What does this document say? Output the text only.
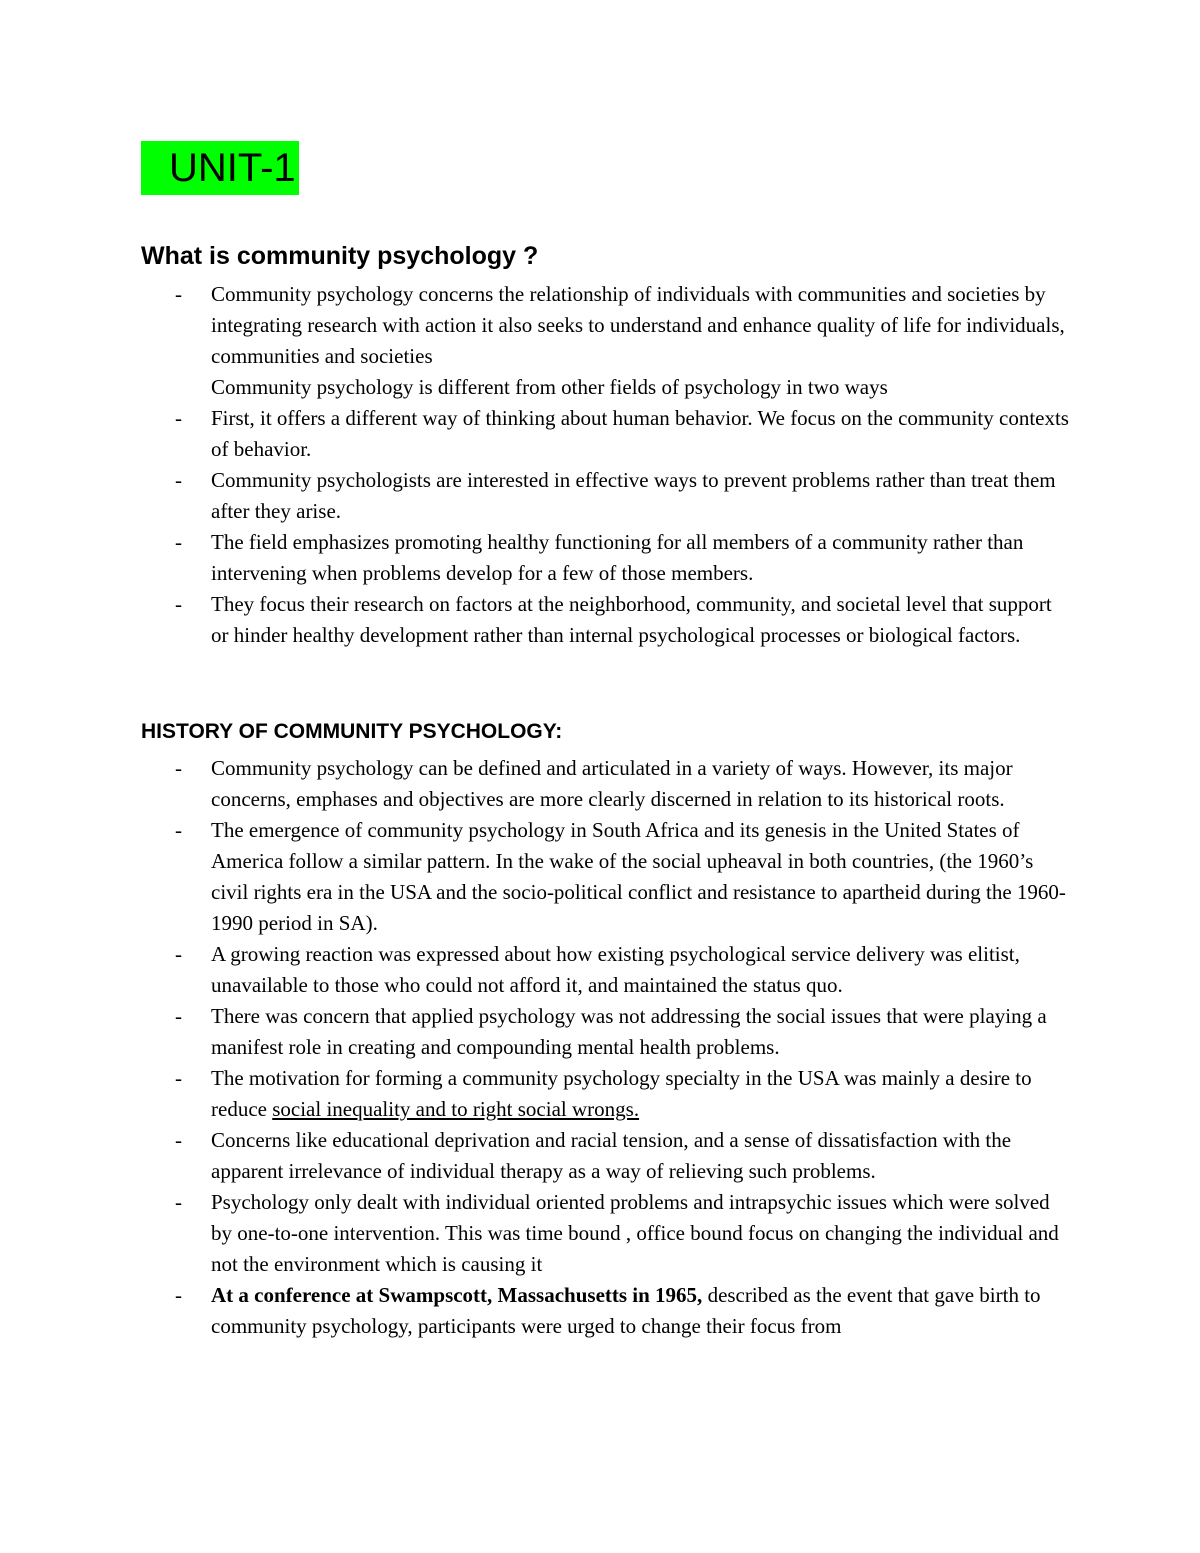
UNIT-1
What is community psychology ?
- Community psychology concerns the relationship of individuals with communities and societies by integrating research with action it also seeks to understand and enhance quality of life for individuals, communities and societies
Community psychology is different from other fields of psychology in two ways
- First, it offers a different way of thinking about human behavior. We focus on the community contexts of behavior.
- Community psychologists are interested in effective ways to prevent problems rather than treat them after they arise.
- The field emphasizes promoting healthy functioning for all members of a community rather than intervening when problems develop for a few of those members.
- They focus their research on factors at the neighborhood, community, and societal level that support or hinder healthy development rather than internal psychological processes or biological factors.
HISTORY OF COMMUNITY PSYCHOLOGY:
- Community psychology can be defined and articulated in a variety of ways. However, its major concerns, emphases and objectives are more clearly discerned in relation to its historical roots.
- The emergence of community psychology in South Africa and its genesis in the United States of America follow a similar pattern. In the wake of the social upheaval in both countries, (the 1960’s civil rights era in the USA and the socio-political conflict and resistance to apartheid during the 1960-1990 period in SA).
- A growing reaction was expressed about how existing psychological service delivery was elitist, unavailable to those who could not afford it, and maintained the status quo.
- There was concern that applied psychology was not addressing the social issues that were playing a manifest role in creating and compounding mental health problems.
- The motivation for forming a community psychology specialty in the USA was mainly a desire to reduce social inequality and to right social wrongs.
- Concerns like educational deprivation and racial tension, and a sense of dissatisfaction with the apparent irrelevance of individual therapy as a way of relieving such problems.
- Psychology only dealt with individual oriented problems and intrapsychic issues which were solved by one-to-one intervention. This was time bound , office bound focus on changing the individual and not the environment which is causing it
- At a conference at Swampscott, Massachusetts in 1965, described as the event that gave birth to community psychology, participants were urged to change their focus from
